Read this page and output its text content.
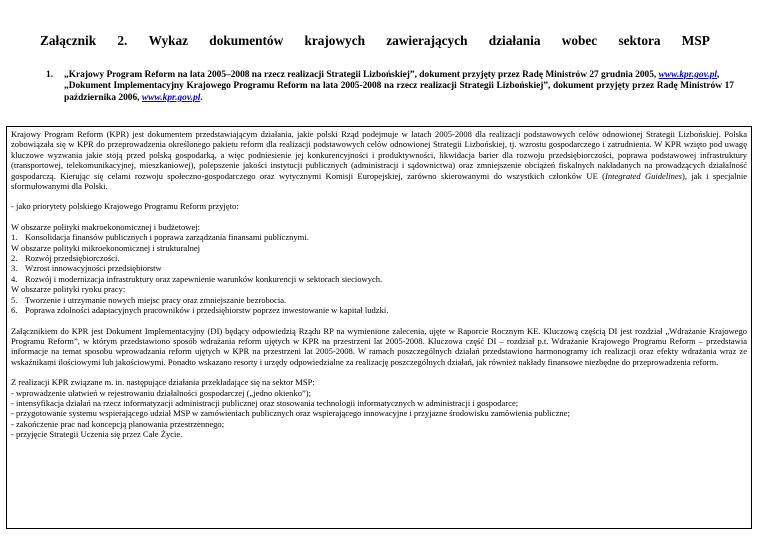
Załącznik 2. Wykaz dokumentów krajowych zawierających działania wobec sektora MSP
1. „Krajowy Program Reform na lata 2005–2008 na rzecz realizacji Strategii Lizbońskiej”, dokument przyjęty przez Radę Ministrów 27 grudnia 2005, www.kpr.gov.pl,

„Dokument Implementacyjny Krajowego Programu Reform na lata 2005-2008 na rzecz realizacji Strategii Lizbońskiej”, dokument przyjęty przez Radę Ministrów 17 października 2006, www.kpr.gov.pl.

Krajowy Program Reform (KPR) jest dokumentem przedstawiającym działania, jakie polski Rząd podejmuje w latach 2005-2008 dla realizacji podstawowych celów odnowionej Strategii Lizbońskiej. Polska zobowiązała się w KPR do przeprowadzenia określonego pakietu reform dla realizacji podstawowych celów odnowionej Strategii Lizbońskiej, tj. wzrostu gospodarczego i zatrudnienia. W KPR wzięto pod uwagę kluczowe wyzwania jakie stoją przed polską gospodarką, a więc podniesienie jej konkurencyjności i produktywności, likwidacja barier dla rozwoju przedsiębiorczości, poprawa podstawowej infrastruktury (transportowej, telekomunikacyjnej, mieszkaniowej), polepszenie jakości instytucji publicznych (administracji i sądownictwa) oraz zmniejszenie obciążeń fiskalnych nakładanych na prowadzących działalność gospodarczą. Kierując się celami rozwoju społeczno-gospodarczego oraz wytycznymi Komisji Europejskiej, zarówno skierowanymi do wszystkich członków UE (Integrated Guidelines), jak i specjalnie sformułowanymi dla Polski.

- jako priorytety polskiego Krajowego Programu Reform przyjęto:

W obszarze polityki makroekonomicznej i budżetowej:

1. Konsolidacja finansów publicznych i poprawa zarządzania finansami publicznymi.

W obszarze polityki mikroekonomicznej i strukturalnej

2. Rozwój przedsiębiorczości.

3. Wzrost innowacyjności przedsiębiorstw

4. Rozwój i modernizacja infrastruktury oraz zapewnienie warunków konkurencji w sektorach sieciowych.

W obszarze polityki rynku pracy:

5. Tworzenie i utrzymanie nowych miejsc pracy oraz zmniejszanie bezrobocia.

6. Poprawa zdolności adaptacyjnych pracowników i przedsiębiorstw poprzez inwestowanie w kapitał ludzki.

Załącznikiem do KPR jest Dokument Implementacyjny (DI) będący odpowiedzią Rządu RP na wymienione zalecenia, ujęte w Raporcie Rocznym KE. Kluczową częścią DI jest rozdział „Wdrażanie Krajowego Programu Reform”, w którym przedstawiono sposób wdrażania reform ujętych w KPR na przestrzeni lat 2005-2008. Kluczowa część DI – rozdział p.t. Wdrażanie Krajowego Programu Reform – przedstawia informacje na temat sposobu wprowadzania reform ujętych w KPR na przestrzeni lat 2005-2008. W ramach poszczególnych działań przedstawiono harmonogramy ich realizacji oraz efekty wdrażania wraz ze wskaźnikami ilościowymi lub jakościowymi. Ponadto wskazano resorty i urzędy odpowiedzialne za realizację poszczególnych działań, jak również nakłady finansowe niezbędne do przeprowadzenia reform.

Z realizacji KPR związane m. in. następujące działania przekładające się na sektor MSP:

- wprowadzenie ułatwień w rejestrowaniu działalności gospodarczej („jedno okienko”);

- intensyfikacja działań na rzecz informatyzacji administracji publicznej oraz stosowania technologii informatycznych w administracji i gospodarce;

- przygotowanie systemu wspierającego udział MSP w zamówieniach publicznych oraz wspierającego innowacyjne i przyjazne środowisku zamówienia publiczne;

- zakończenie prac nad koncepcją planowania przestrzennego;

- przyjęcie Strategii Uczenia się przez Całe Życie.
